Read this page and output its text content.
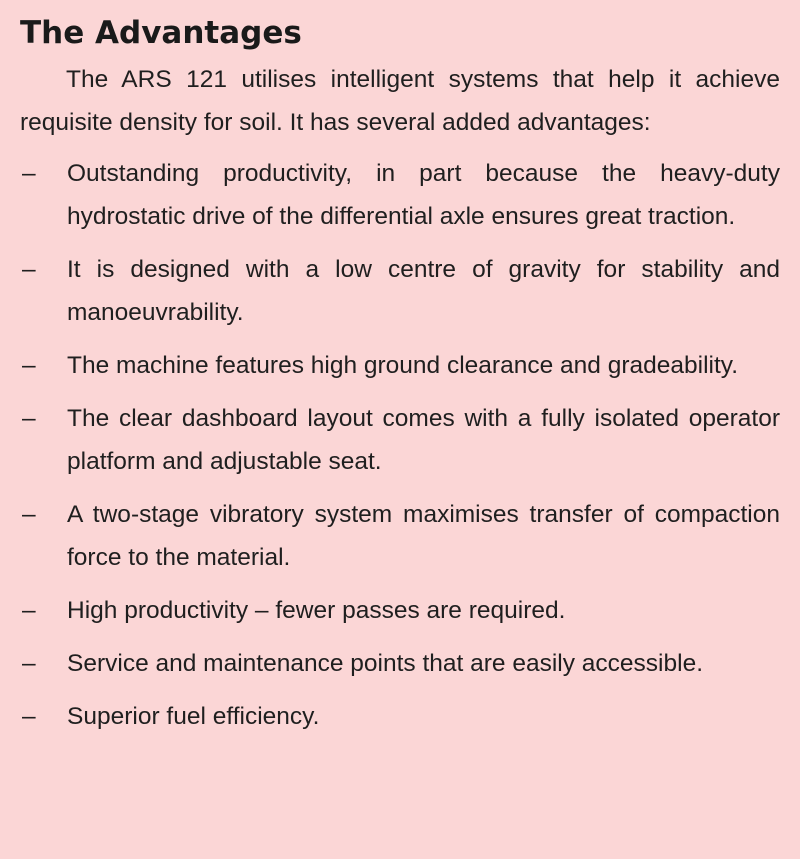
The Advantages

The ARS 121 utilises intelligent systems that help it achieve requisite density for soil. It has several added advantages:

–	Outstanding productivity, in part because the heavy-duty hydrostatic drive of the differential axle ensures great traction.
–	It is designed with a low centre of gravity for stability and manoeuvrability.
–	The machine features high ground clearance and gradeability.
–	The clear dashboard layout comes with a fully isolated operator platform and adjustable seat.
–	A two-stage vibratory system maximises transfer of compaction force to the material.
–	High productivity – fewer passes are required.
–	Service and maintenance points that are easily accessible.
–	Superior fuel efficiency.
